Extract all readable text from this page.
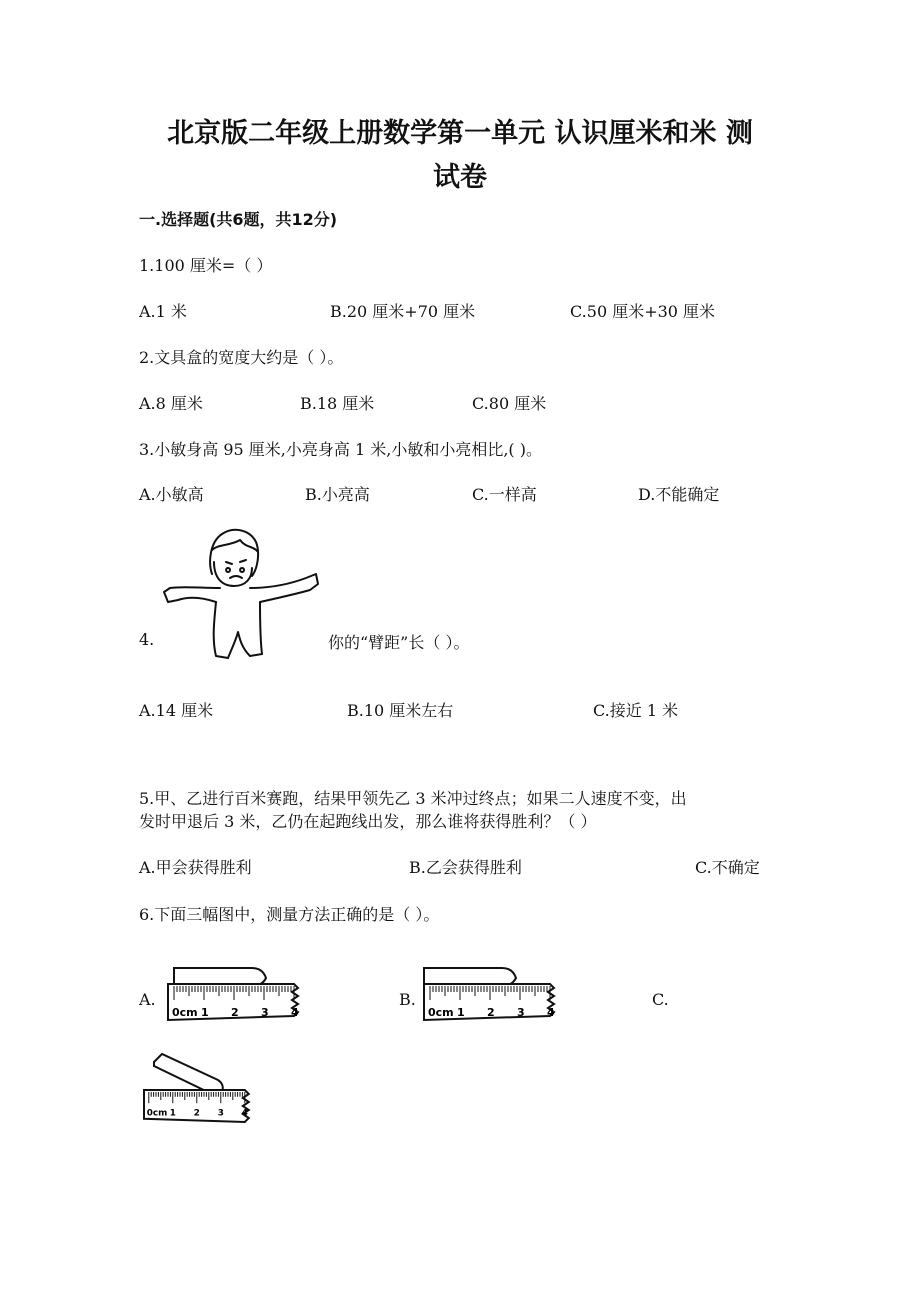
北京版二年级上册数学第一单元 认识厘米和米 测
试卷
一.选择题(共6题，共12分)
1.100 厘米=（ ）
A.1 米	B.20 厘米+70 厘米	C.50 厘米+30 厘米
2.文具盒的宽度大约是（ ）。
A.8 厘米	B.18 厘米	C.80 厘米
3.小敏身高 95 厘米,小亮身高 1 米,小敏和小亮相比,( )。
A.小敏高	B.小亮高	C.一样高	D.不能确定
4.	你的“臂距”长（ ）。
A.14 厘米	B.10 厘米左右	C.接近 1 米
5.甲、乙进行百米赛跑，结果甲领先乙 3 米冲过终点；如果二人速度不变，出
发时甲退后 3 米，乙仍在起跑线出发，那么谁将获得胜利？（ ）
A.甲会获得胜利	B.乙会获得胜利	C.不确定
6.下面三幅图中，测量方法正确的是（ ）。
A.	B.	C.
0cm 1 2 3 4	0cm 1 2 3 4
0cm 1 2 3 4
